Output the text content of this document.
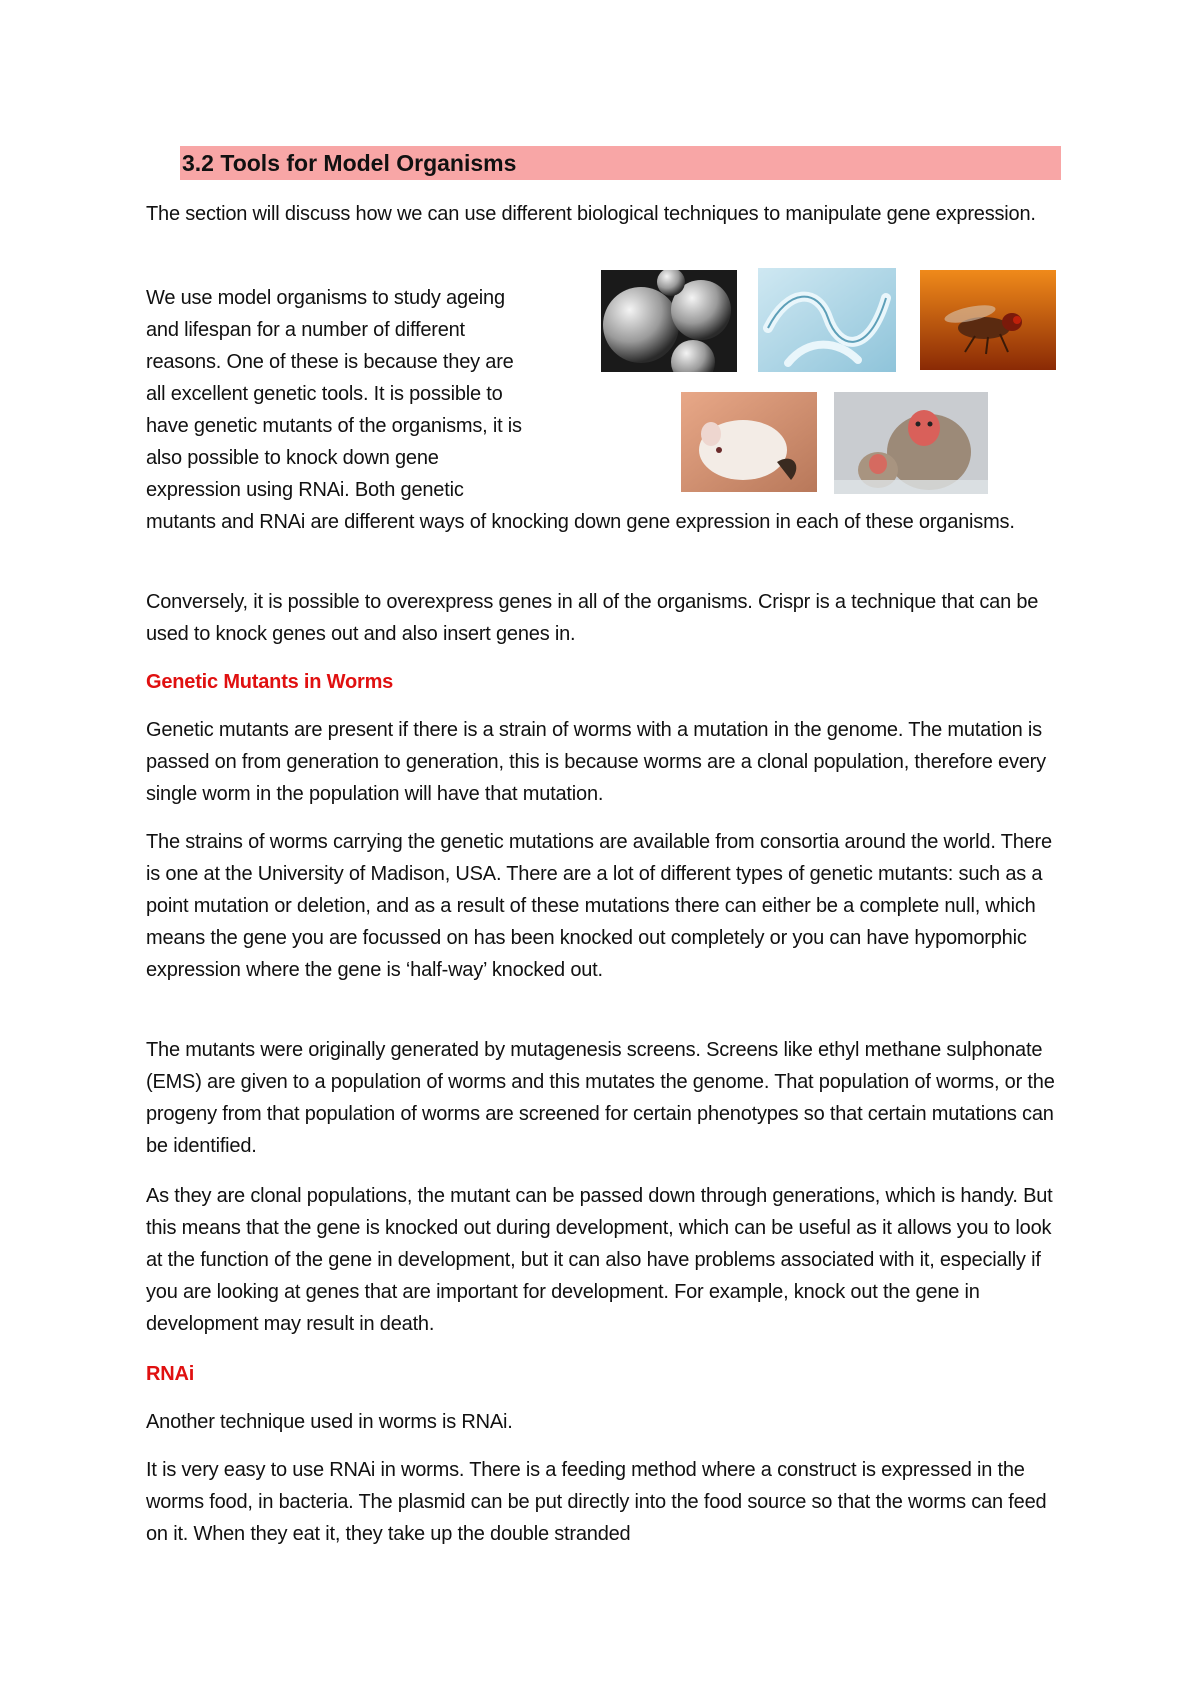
3.2 Tools for Model Organisms

The section will discuss how we can use different biological techniques to manipulate gene expression.

We use model organisms to study ageing
and lifespan for a number of different
reasons. One of these is because they are
all excellent genetic tools. It is possible to
have genetic mutants of the organisms, it is
also possible to knock down gene
expression using RNAi. Both genetic

mutants and RNAi are different ways of knocking down gene expression in each of these organisms.

Conversely, it is possible to overexpress genes in all of the organisms. Crispr is a technique that can be used to knock genes out and also insert genes in.

Genetic Mutants in Worms

Genetic mutants are present if there is a strain of worms with a mutation in the genome. The mutation is passed on from generation to generation, this is because worms are a clonal population, therefore every single worm in the population will have that mutation.

The strains of worms carrying the genetic mutations are available from consortia around the world. There is one at the University of Madison, USA. There are a lot of different types of genetic mutants: such as a point mutation or deletion, and as a result of these mutations there can either be a complete null, which means the gene you are focussed on has been knocked out completely or you can have hypomorphic expression where the gene is ‘half-way’ knocked out.

The mutants were originally generated by mutagenesis screens. Screens like ethyl methane sulphonate (EMS) are given to a population of worms and this mutates the genome. That population of worms, or the progeny from that population of worms are screened for certain phenotypes so that certain mutations can be identified.

As they are clonal populations, the mutant can be passed down through generations, which is handy. But this means that the gene is knocked out during development, which can be useful as it allows you to look at the function of the gene in development, but it can also have problems associated with it, especially if you are looking at genes that are important for development. For example, knock out the gene in development may result in death.

RNAi

Another technique used in worms is RNAi.

It is very easy to use RNAi in worms. There is a feeding method where a construct is expressed in the worms food, in bacteria. The plasmid can be put directly into the food source so that the worms can feed on it. When they eat it, they take up the double stranded
